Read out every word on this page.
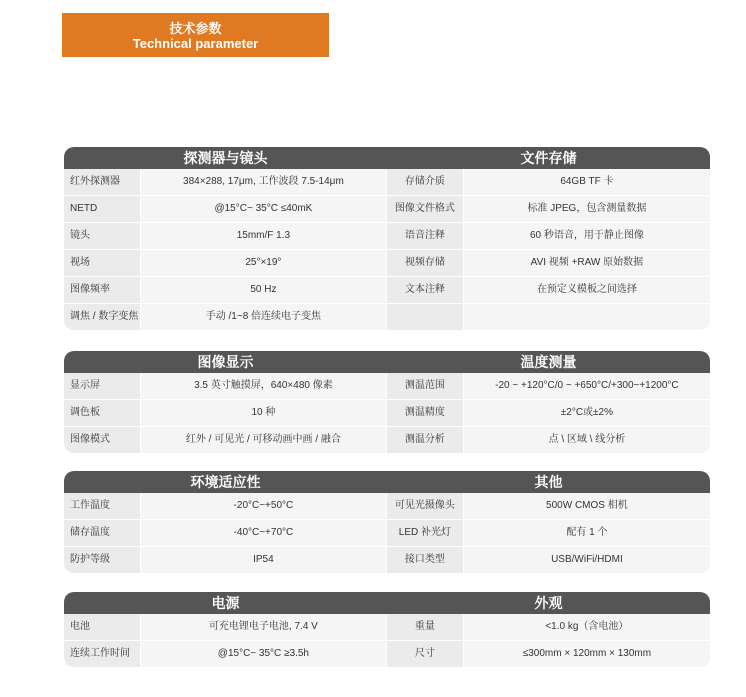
技术参数
Technical parameter
探测器与镜头	文件存储
红外探测器	384×288, 17μm, 工作波段 7.5-14μm	存储介质	64GB TF 卡
NETD	@15°C~ 35°C ≤40mK	图像文件格式	标准 JPEG，包含测量数据
镜头	15mm/F 1.3	语音注释	60 秒语音，用于静止图像
视场	25°×19°	视频存储	AVI 视频 +RAW 原始数据
图像频率	50 Hz	文本注释	在预定义模板之间选择
调焦 / 数字变焦	手动 /1~8 倍连续电子变焦
图像显示	温度测量
显示屏	3.5 英寸触摸屏，640×480 像素	测温范围	-20 ~ +120°C/0 ~ +650°C/+300~+1200°C
调色板	10 种	测温精度	±2°C或±2%
图像模式	红外 / 可见光 / 可移动画中画 / 融合	测温分析	点 \ 区域 \ 线分析
环境适应性	其他
工作温度	-20°C~+50°C	可见光摄像头	500W CMOS 相机
储存温度	-40°C~+70°C	LED 补光灯	配有 1 个
防护等级	IP54	接口类型	USB/WiFi/HDMI
电源	外观
电池	可充电锂电子电池, 7.4 V	重量	<1.0 kg（含电池）
连续工作时间	@15°C~ 35°C ≥3.5h	尺寸	≤300mm × 120mm × 130mm
